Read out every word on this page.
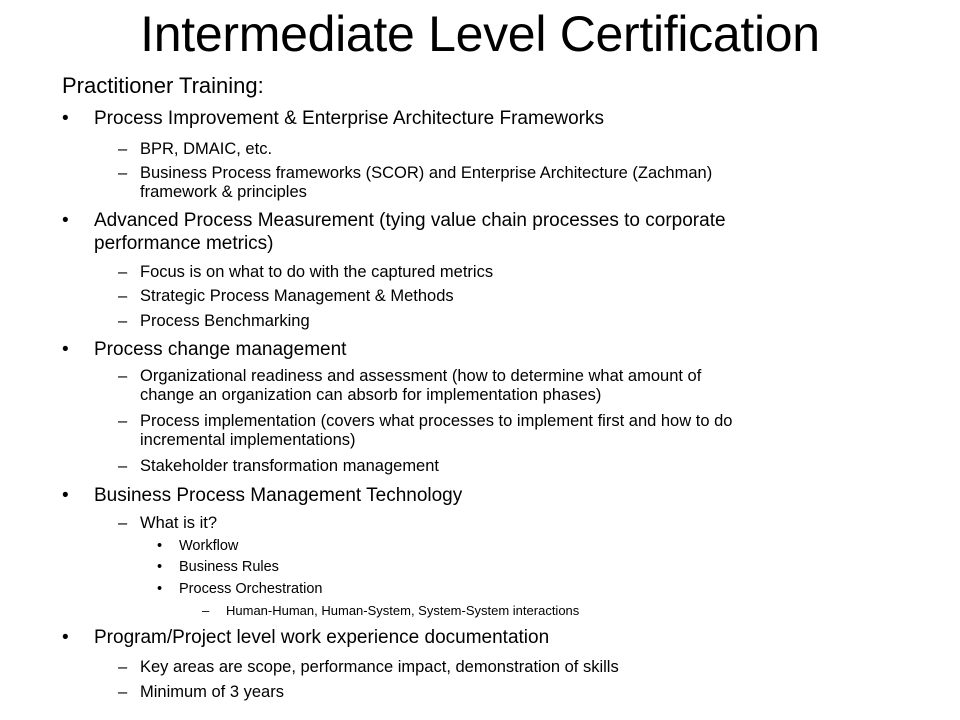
Intermediate Level Certification
Practitioner Training:
• Process Improvement & Enterprise Architecture Frameworks
– BPR, DMAIC, etc.
– Business Process frameworks (SCOR) and Enterprise Architecture (Zachman)
framework & principles
• Advanced Process Measurement (tying value chain processes to corporate
performance metrics)
– Focus is on what to do with the captured metrics
– Strategic Process Management & Methods
– Process Benchmarking
• Process change management
– Organizational readiness and assessment (how to determine what amount of
change an organization can absorb for implementation phases)
– Process implementation (covers what processes to implement first and how to do
incremental implementations)
– Stakeholder transformation management
• Business Process Management Technology
– What is it?
• Workflow
• Business Rules
• Process Orchestration
– Human-Human, Human-System, System-System interactions
• Program/Project level work experience documentation
– Key areas are scope, performance impact, demonstration of skills
– Minimum of 3 years
